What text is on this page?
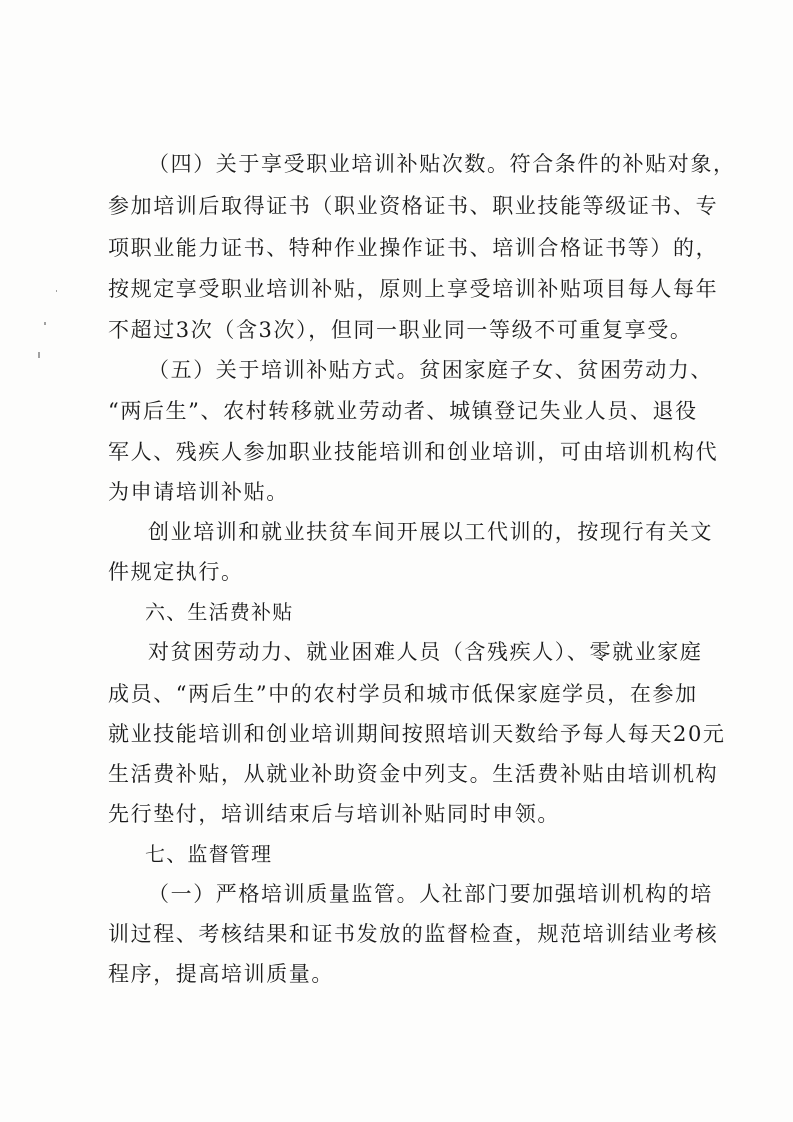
（四）关于享受职业培训补贴次数。符合条件的补贴对象，
参加培训后取得证书（职业资格证书、职业技能等级证书、专
项职业能力证书、特种作业操作证书、培训合格证书等）的，
按规定享受职业培训补贴，原则上享受培训补贴项目每人每年
不超过3次（含3次），但同一职业同一等级不可重复享受。
（五）关于培训补贴方式。贫困家庭子女、贫困劳动力、
“两后生”、农村转移就业劳动者、城镇登记失业人员、退役
军人、残疾人参加职业技能培训和创业培训，可由培训机构代
为申请培训补贴。
创业培训和就业扶贫车间开展以工代训的，按现行有关文
件规定执行。
六、生活费补贴
对贫困劳动力、就业困难人员（含残疾人）、零就业家庭
成员、“两后生”中的农村学员和城市低保家庭学员，在参加
就业技能培训和创业培训期间按照培训天数给予每人每天20元
生活费补贴，从就业补助资金中列支。生活费补贴由培训机构
先行垫付，培训结束后与培训补贴同时申领。
七、监督管理
（一）严格培训质量监管。人社部门要加强培训机构的培
训过程、考核结果和证书发放的监督检查，规范培训结业考核
程序，提高培训质量。
